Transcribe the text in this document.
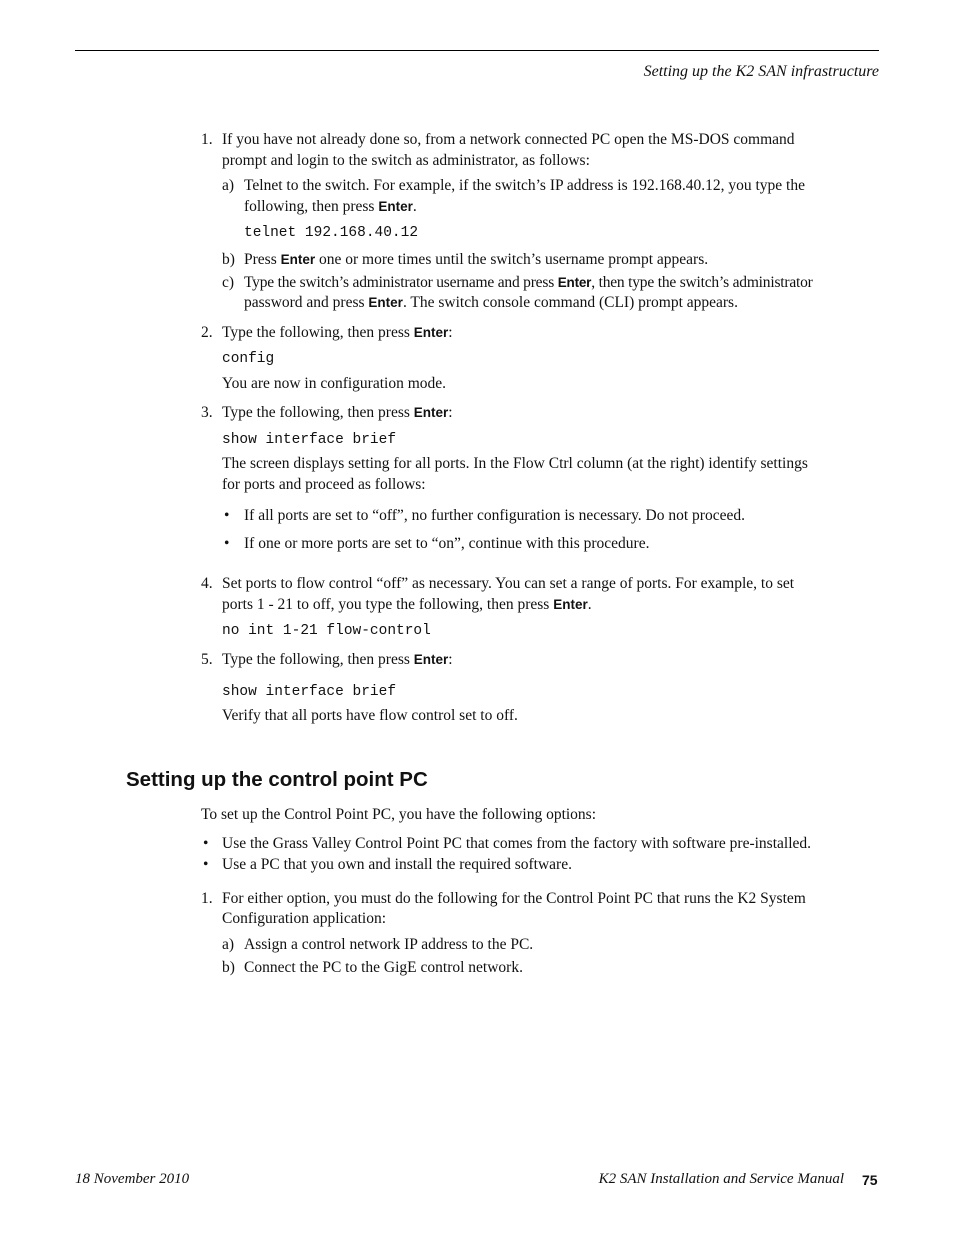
Setting up the K2 SAN infrastructure
1. If you have not already done so, from a network connected PC open the MS-DOS command
prompt and login to the switch as administrator, as follows:
a) Telnet to the switch. For example, if the switch’s IP address is 192.168.40.12, you type the
following, then press Enter.
telnet 192.168.40.12
b) Press Enter one or more times until the switch’s username prompt appears.
c) Type the switch’s administrator username and press Enter, then type the switch’s administrator
password and press Enter. The switch console command (CLI) prompt appears.
2. Type the following, then press Enter:
config
You are now in configuration mode.
3. Type the following, then press Enter:
show interface brief
The screen displays setting for all ports. In the Flow Ctrl column (at the right) identify settings
for ports and proceed as follows:
• If all ports are set to “off”, no further configuration is necessary. Do not proceed.
• If one or more ports are set to “on”, continue with this procedure.
4. Set ports to flow control “off” as necessary. You can set a range of ports. For example, to set
ports 1 - 21 to off, you type the following, then press Enter.
no int 1-21 flow-control
5. Type the following, then press Enter:
show interface brief
Verify that all ports have flow control set to off.
Setting up the control point PC
To set up the Control Point PC, you have the following options:
• Use the Grass Valley Control Point PC that comes from the factory with software pre-installed.
• Use a PC that you own and install the required software.
1. For either option, you must do the following for the Control Point PC that runs the K2 System
Configuration application:
a) Assign a control network IP address to the PC.
b) Connect the PC to the GigE control network.
18 November 2010	K2 SAN Installation and Service Manual 75
